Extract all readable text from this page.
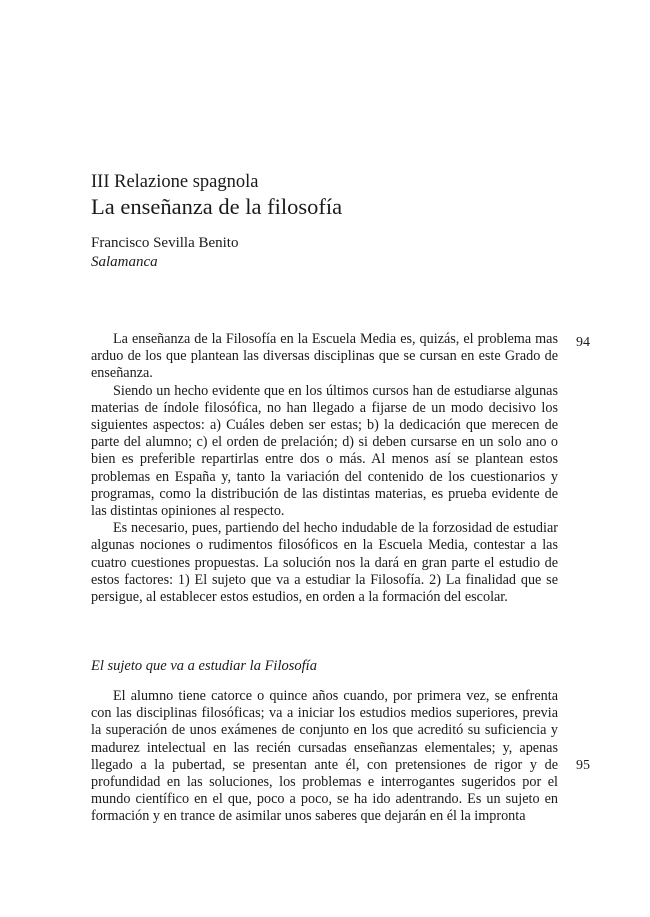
III Relazione spagnola
La enseñanza de la filosofía

Francisco Sevilla Benito

Salamanca

La enseñanza de la Filosofía en la Escuela Media es, quizás, el problema mas arduo de los que plantean las diversas disciplinas que se cursan en este Grado de enseñanza.

Siendo un hecho evidente que en los últimos cursos han de estudiarse algunas materias de índole filosófica, no han llegado a fijarse de un modo decisivo los siguientes aspectos: a) Cuáles deben ser estas; b) la dedicación que merecen de parte del alumno; c) el orden de prelación; d) si deben cursarse en un solo ano o bien es preferible repartirlas entre dos o más. Al menos así se plantean estos problemas en España y, tanto la variación del contenido de los cuestionarios y programas, como la distribución de las distintas materias, es prueba evidente de las distintas opiniones al respecto.

Es necesario, pues, partiendo del hecho indudable de la forzosidad de estudiar algunas nociones o rudimentos filosóficos en la Escuela Media, contestar a las cuatro cuestiones propuestas. La solución nos la dará en gran parte el estudio de estos factores: 1) El sujeto que va a estudiar la Filosofía. 2) La finalidad que se persigue, al establecer estos estudios, en orden a la formación del escolar.

El sujeto que va a estudiar la Filosofía

El alumno tiene catorce o quince años cuando, por primera vez, se enfrenta con las disciplinas filosóficas; va a iniciar los estudios medios superiores, previa la superación de unos exámenes de conjunto en los que acreditó su suficiencia y madurez intelectual en las recién cursadas enseñanzas elementales; y, apenas llegado a la pubertad, se presentan ante él, con pretensiones de rigor y de profundidad en las soluciones, los problemas e interrogantes sugeridos por el mundo científico en el que, poco a poco, se ha ido adentrando. Es un sujeto en formación y en trance de asimilar unos saberes que dejarán en él la impronta

94
95
